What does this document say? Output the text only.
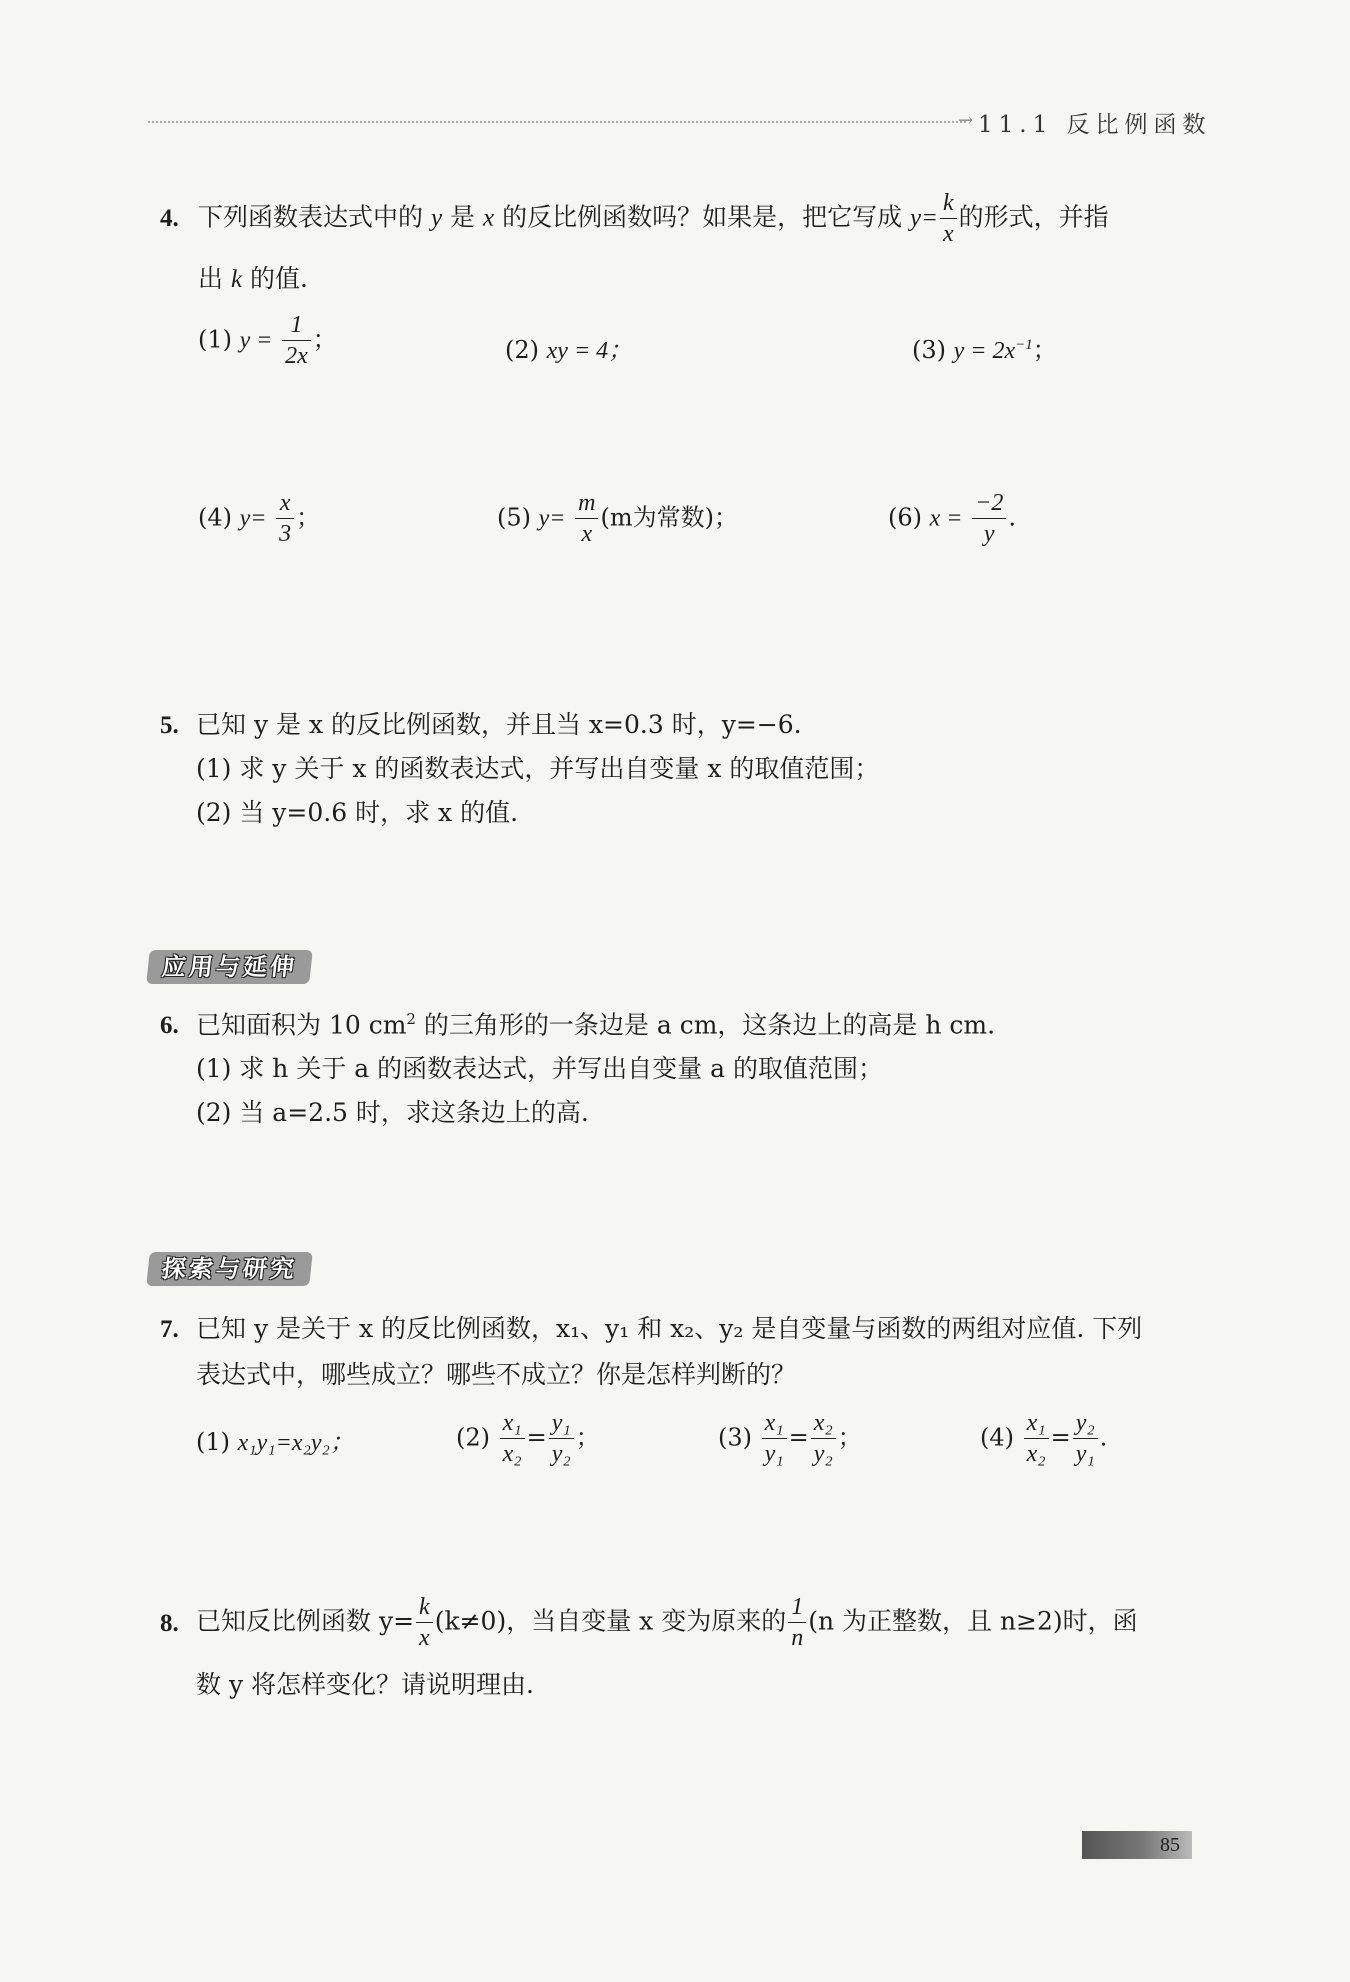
→ 11.1 反比例函数
4. 下列函数表达式中的 y 是 x 的反比例函数吗？如果是，把它写成 $y= \frac{k}{x}$ 的形式，并指
出 k 的值.
(1) $y = \frac{1}{2x}$ ；	(2) xy = 4；	(3) $y = 2x^{-1}$；
(4) $y= \frac{x}{3}$ ；	(5) $y= \frac{m}{x} (m$为常数)；	(6) $x = \frac{-2}{y}$ .
5. 已知 y 是 x 的反比例函数，并且当 x=0.3 时，y=−6.
(1) 求 y 关于 x 的函数表达式，并写出自变量 x 的取值范围；
(2) 当 y=0.6 时，求 x 的值.
应用与延伸
6. 已知面积为 10 $cm^2$ 的三角形的一条边是 a cm，这条边上的高是 h cm.
(1) 求 h 关于 a 的函数表达式，并写出自变量 a 的取值范围；
(2) 当 a=2.5 时，求这条边上的高.
探索与研究
7. 已知 y 是关于 x 的反比例函数，x₁、y₁ 和 x₂、y₂ 是自变量与函数的两组对应值. 下列
表达式中，哪些成立？哪些不成立？你是怎样判断的？
(1) x₁y₁=x₂y₂；	$(2) \frac{\text{x₁}}{\text{x₂}} = \frac{\text{y₁}}{\text{y₂}}$ ；	$(3) \frac{\text{x₁}}{\text{y₁}} = \frac{\text{x₂}}{\text{y₂}}$ ；	$(4) \frac{\text{x₁}}{\text{x₂}} = \frac{\text{y₂}}{\text{y₁}}$ .
8. 已知反比例函数 $y= \frac{k}{x} (k\ne 0)$，当自变量 x 变为原来的 $\frac{1}{n} (n$ 为正整数，且 n≥2)时，函
数 y 将怎样变化？请说明理由.
85
